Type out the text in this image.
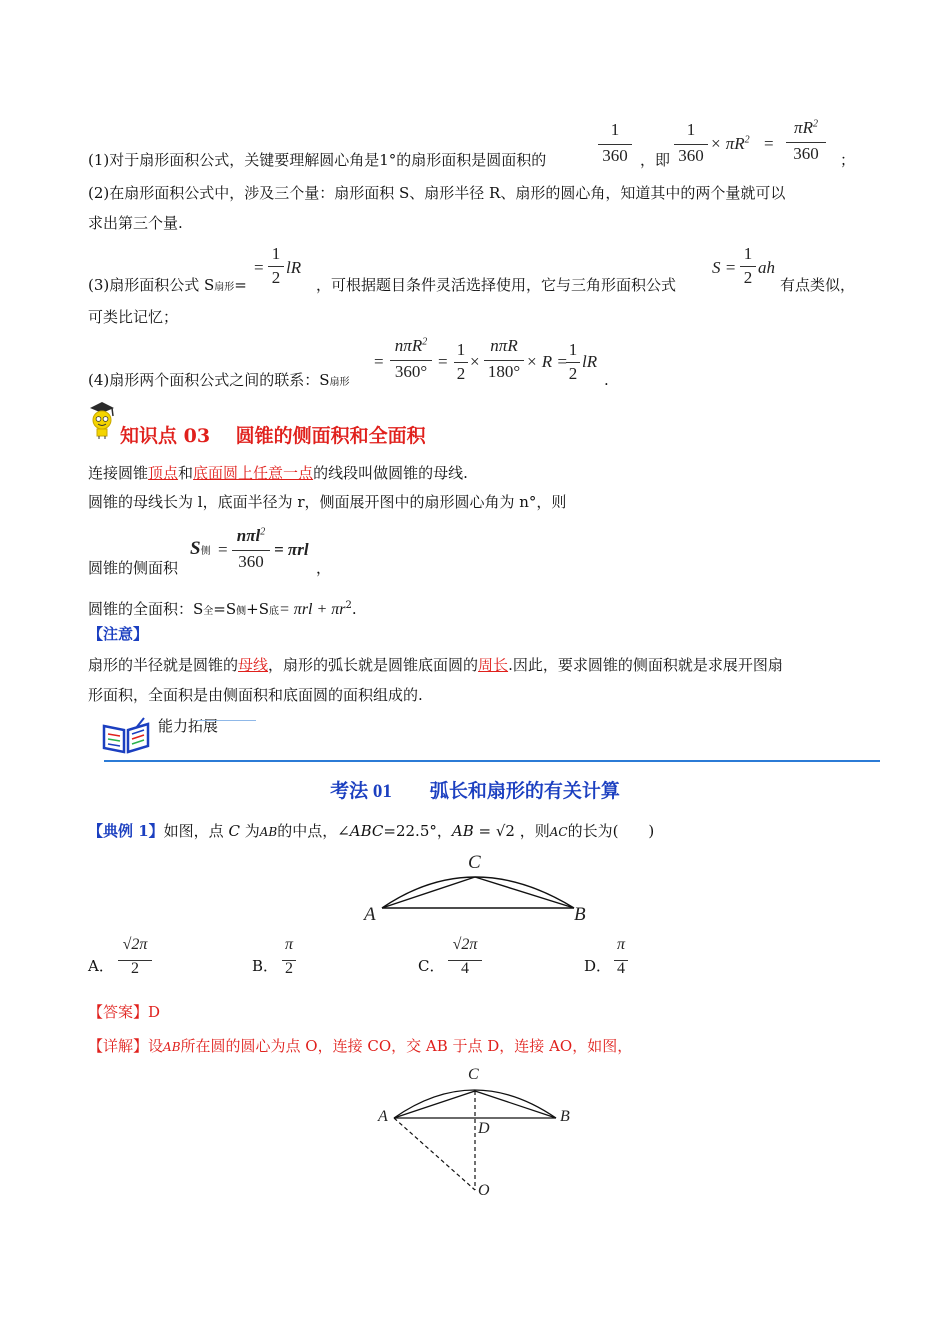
(1)对于扇形面积公式，关键要理解圆心角是1°的扇形面积是圆面积的
1
360 ，即
1
360
× $\pi R^2$ =
$\pi R^2$
360	；
(2)在扇形面积公式中，涉及三个量：扇形面积 S、扇形半径 R、扇形的圆心角，知道其中的两个量就可以
求出第三个量.
(3)扇形面积公式 S扇形=
=
1
2
lR
，可根据题目条件灵活选择使用，它与三角形面积公式
S =
1
2
ah
有点类似，
可类比记忆；
(4)扇形两个面积公式之间的联系：S扇形
=
nπR$^2$
360°
=
1
2
×
nπR
180°
× R =
1
2
lR
.
知识点 03　 圆锥的侧面积和全面积
连接圆锥顶点和底面圆上任意一点的线段叫做圆锥的母线.
圆锥的母线长为 l，底面半径为 r，侧面展开图中的扇形圆心角为 n°，则
圆锥的侧面积
S侧 =
nπl$^2$
360
= πrl
，
圆锥的全面积：S全=S侧+S底= $\pi rl + \pi r^2$.
【注意】
扇形的半径就是圆锥的母线，扇形的弧长就是圆锥底面圆的周长.因此，要求圆锥的侧面积就是求展开图扇
形面积，全面积是由侧面积和底面圆的面积组成的.
能力拓展
考法 01　　弧长和扇形的有关计算
【典例 1】如图，点 C 为AB的中点，∠ABC=22.5°，AB = √2 ，则AC的长为(　　)
C
A	B
A．
√2π
2	B．
π
2	C．
√2π
4	D．
π
4
【答案】D
【详解】设AB所在圆的圆心为点 O，连接 CO，交 AB 于点 D，连接 AO，如图，
C
A	B
D
O
